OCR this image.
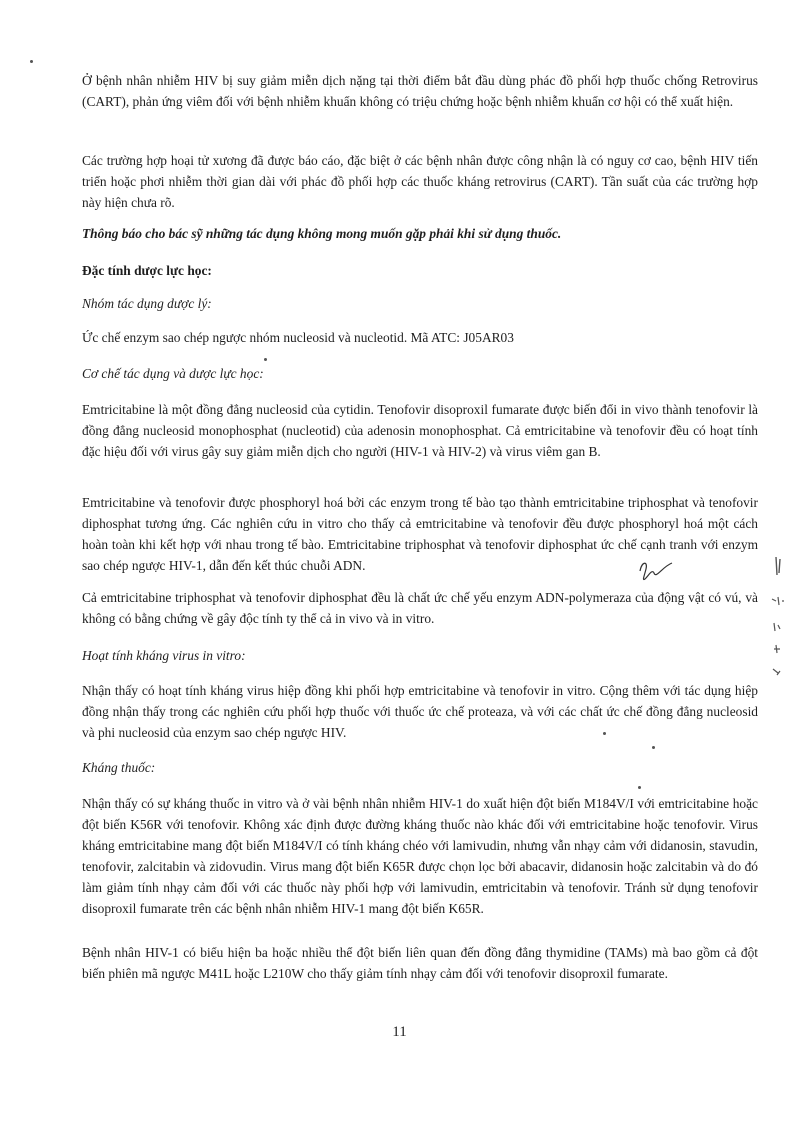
Ở bệnh nhân nhiễm HIV bị suy giảm miễn dịch nặng tại thời điểm bắt đầu dùng phác đồ phối hợp thuốc chống Retrovirus (CART), phản ứng viêm đối với bệnh nhiễm khuẩn không có triệu chứng hoặc bệnh nhiễm khuẩn cơ hội có thể xuất hiện.

Các trường hợp hoại tử xương đã được báo cáo, đặc biệt ở các bệnh nhân được công nhận là có nguy cơ cao, bệnh HIV tiến triển hoặc phơi nhiễm thời gian dài với phác đồ phối hợp các thuốc kháng retrovirus (CART). Tần suất của các trường hợp này hiện chưa rõ.

Thông báo cho bác sỹ những tác dụng không mong muốn gặp phải khi sử dụng thuốc.

Đặc tính dược lực học:

Nhóm tác dụng dược lý:

Ức chế enzym sao chép ngược nhóm nucleosid và nucleotid. Mã ATC: J05AR03

Cơ chế tác dụng và dược lực học:

Emtricitabine là một đồng đẳng nucleosid của cytidin. Tenofovir disoproxil fumarate được biến đổi in vivo thành tenofovir là đồng đẳng nucleosid monophosphat (nucleotid) của adenosin monophosphat. Cả emtricitabine và tenofovir đều có hoạt tính đặc hiệu đối với virus gây suy giảm miễn dịch cho người (HIV-1 và HIV-2) và virus viêm gan B.

Emtricitabine và tenofovir được phosphoryl hoá bởi các enzym trong tế bào tạo thành emtricitabine triphosphat và tenofovir diphosphat tương ứng. Các nghiên cứu in vitro cho thấy cả emtricitabine và tenofovir đều được phosphoryl hoá một cách hoàn toàn khi kết hợp với nhau trong tế bào. Emtricitabine triphosphat và tenofovir diphosphat ức chế cạnh tranh với enzym sao chép ngược HIV-1, dẫn đến kết thúc chuỗi ADN.

Cả emtricitabine triphosphat và tenofovir diphosphat đều là chất ức chế yếu enzym ADN-polymeraza của động vật có vú, và không có bằng chứng về gây độc tính ty thể cả in vivo và in vitro.

Hoạt tính kháng virus in vitro:

Nhận thấy có hoạt tính kháng virus hiệp đồng khi phối hợp emtricitabine và tenofovir in vitro. Cộng thêm với tác dụng hiệp đồng nhận thấy trong các nghiên cứu phối hợp thuốc với thuốc ức chế proteaza, và với các chất ức chế đồng đẳng nucleosid và phi nucleosid của enzym sao chép ngược HIV.

Kháng thuốc:

Nhận thấy có sự kháng thuốc in vitro và ở vài bệnh nhân nhiễm HIV-1 do xuất hiện đột biến M184V/I với emtricitabine hoặc đột biến K56R với tenofovir. Không xác định được đường kháng thuốc nào khác đối với emtricitabine hoặc tenofovir. Virus kháng emtricitabine mang đột biến M184V/I có tính kháng chéo với lamivudin, nhưng vẫn nhạy cảm với didanosin, stavudin, tenofovir, zalcitabin và zidovudin. Virus mang đột biến K65R được chọn lọc bởi abacavir, didanosin hoặc zalcitabin và do đó làm giảm tính nhạy cảm đối với các thuốc này phối hợp với lamivudin, emtricitabin và tenofovir. Tránh sử dụng tenofovir disoproxil fumarate trên các bệnh nhân nhiễm HIV-1 mang đột biến K65R.

Bệnh nhân HIV-1 có biểu hiện ba hoặc nhiều thể đột biến liên quan đến đồng đẳng thymidine (TAMs) mà bao gồm cả đột biến phiên mã ngược M41L hoặc L210W cho thấy giảm tính nhạy cảm đối với tenofovir disoproxil fumarate.

11
